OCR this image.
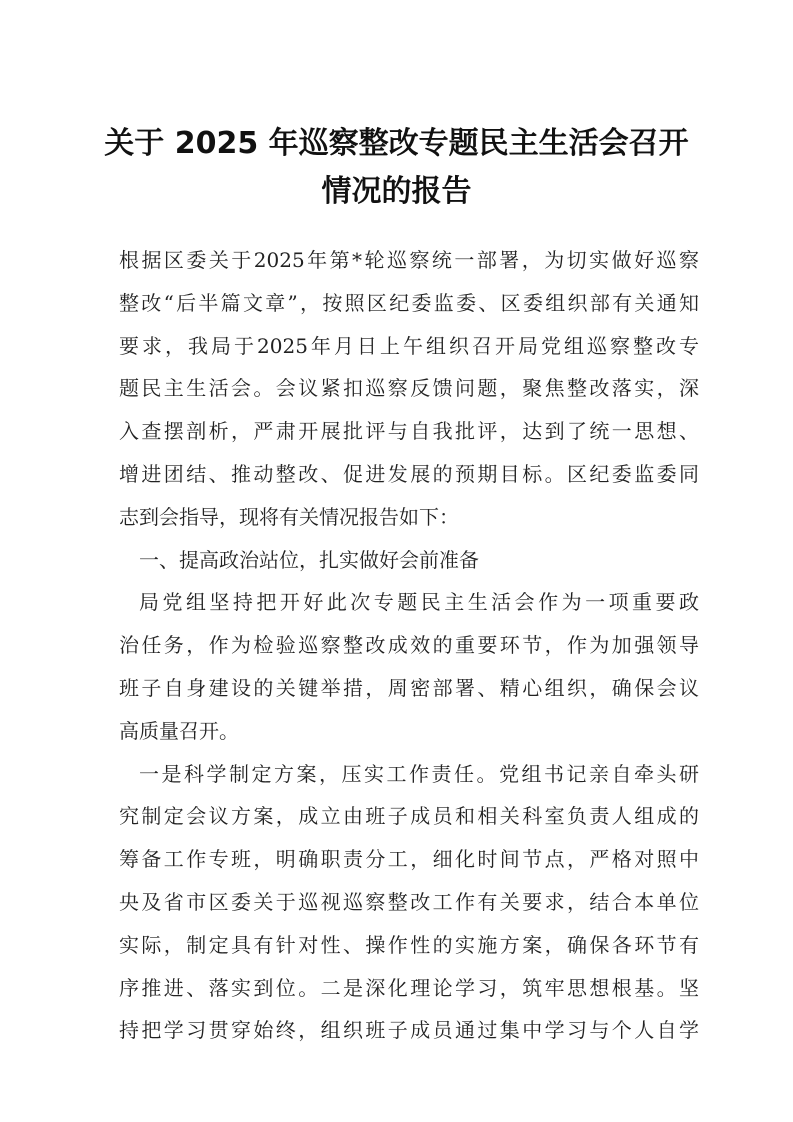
关于 2025 年巡察整改专题民主生活会召开
情况的报告
根据区委关于2025年第*轮巡察统一部署，为切实做好巡察
整改“后半篇文章”，按照区纪委监委、区委组织部有关通知
要求，我局于2025年月日上午组织召开局党组巡察整改专
题民主生活会。会议紧扣巡察反馈问题，聚焦整改落实，深
入查摆剖析，严肃开展批评与自我批评，达到了统一思想、
增进团结、推动整改、促进发展的预期目标。区纪委监委同
志到会指导，现将有关情况报告如下：
一、提高政治站位，扎实做好会前准备
局党组坚持把开好此次专题民主生活会作为一项重要政
治任务，作为检验巡察整改成效的重要环节，作为加强领导
班子自身建设的关键举措，周密部署、精心组织，确保会议
高质量召开。
一是科学制定方案，压实工作责任。党组书记亲自牵头研
究制定会议方案，成立由班子成员和相关科室负责人组成的
筹备工作专班，明确职责分工，细化时间节点，严格对照中
央及省市区委关于巡视巡察整改工作有关要求，结合本单位
实际，制定具有针对性、操作性的实施方案，确保各环节有
序推进、落实到位。二是深化理论学习，筑牢思想根基。坚
持把学习贯穿始终，组织班子成员通过集中学习与个人自学
